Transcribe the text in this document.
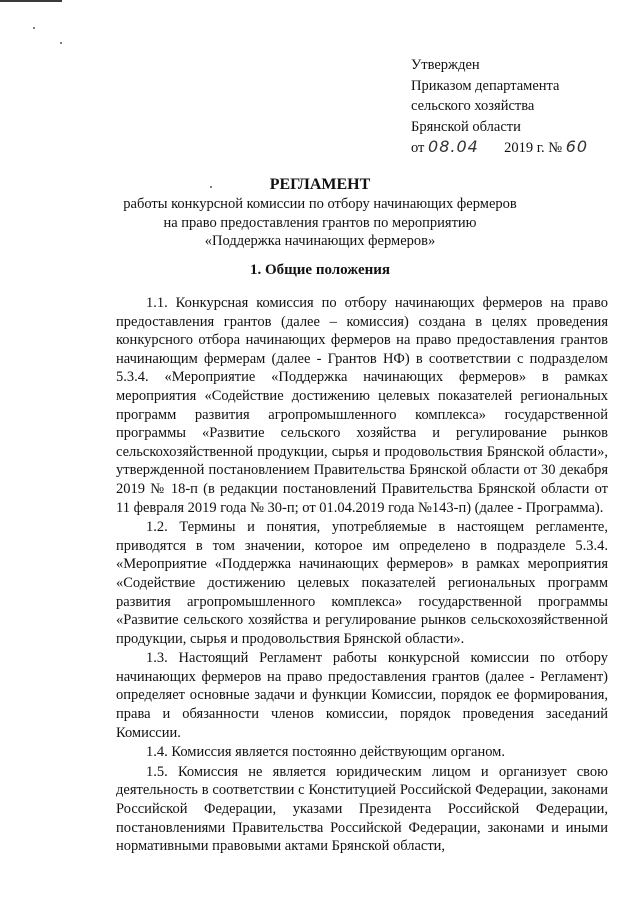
Утвержден
Приказом департамента
сельского хозяйства
Брянской области
от 08.04 2019 г. № 60
РЕГЛАМЕНТ
работы конкурсной комиссии по отбору начинающих фермеров
на право предоставления грантов по мероприятию
«Поддержка начинающих фермеров»
1. Общие положения

1.1. Конкурсная комиссия по отбору начинающих фермеров на право предоставления грантов (далее – комиссия) создана в целях проведения конкурсного отбора начинающих фермеров на право предоставления грантов начинающим фермерам (далее - Грантов НФ) в соответствии с подразделом 5.3.4. «Мероприятие «Поддержка начинающих фермеров» в рамках мероприятия «Содействие достижению целевых показателей региональных программ развития агропромышленного комплекса» государственной программы «Развитие сельского хозяйства и регулирование рынков сельскохозяйственной продукции, сырья и продовольствия Брянской области», утвержденной постановлением Правительства Брянской области от 30 декабря 2019 № 18-п (в редакции постановлений Правительства Брянской области от 11 февраля 2019 года № 30-п; от 01.04.2019 года №143-п) (далее - Программа).

1.2. Термины и понятия, употребляемые в настоящем регламенте, приводятся в том значении, которое им определено в подразделе 5.3.4. «Мероприятие «Поддержка начинающих фермеров» в рамках мероприятия «Содействие достижению целевых показателей региональных программ развития агропромышленного комплекса» государственной программы «Развитие сельского хозяйства и регулирование рынков сельскохозяйственной продукции, сырья и продовольствия Брянской области».

1.3. Настоящий Регламент работы конкурсной комиссии по отбору начинающих фермеров на право предоставления грантов (далее - Регламент) определяет основные задачи и функции Комиссии, порядок ее формирования, права и обязанности членов комиссии, порядок проведения заседаний Комиссии.

1.4. Комиссия является постоянно действующим органом.

1.5. Комиссия не является юридическим лицом и организует свою деятельность в соответствии с Конституцией Российской Федерации, законами Российской Федерации, указами Президента Российской Федерации, постановлениями Правительства Российской Федерации, законами и иными нормативными правовыми актами Брянской области,
